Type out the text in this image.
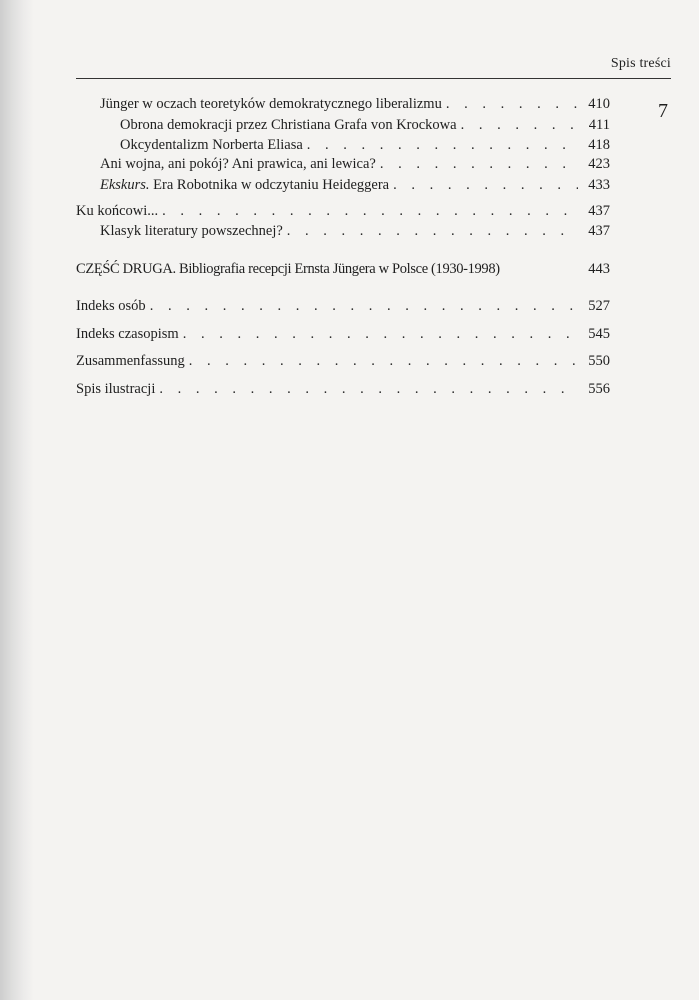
Spis treści
7
Jünger w oczach teoretyków demokratycznego liberalizmu . . .	410
Obrona demokracji przez Christiana Grafa von Krockowa . . .	411
Okcydentalizm Norberta Eliasa . . .	418
Ani wojna, ani pokój? Ani prawica, ani lewica? . . .	423
Ekskurs. Era Robotnika w odczytaniu Heideggera . . .	433
Ku końcowi... . . .	437
Klasyk literatury powszechnej? . . .	437
CZĘŚĆ DRUGA. Bibliografia recepcji Ernsta Jüngera w Polsce (1930-1998)	443
Indeks osób . . .	527
Indeks czasopism . . .	545
Zusammenfassung . . .	550
Spis ilustracji . . .	556
